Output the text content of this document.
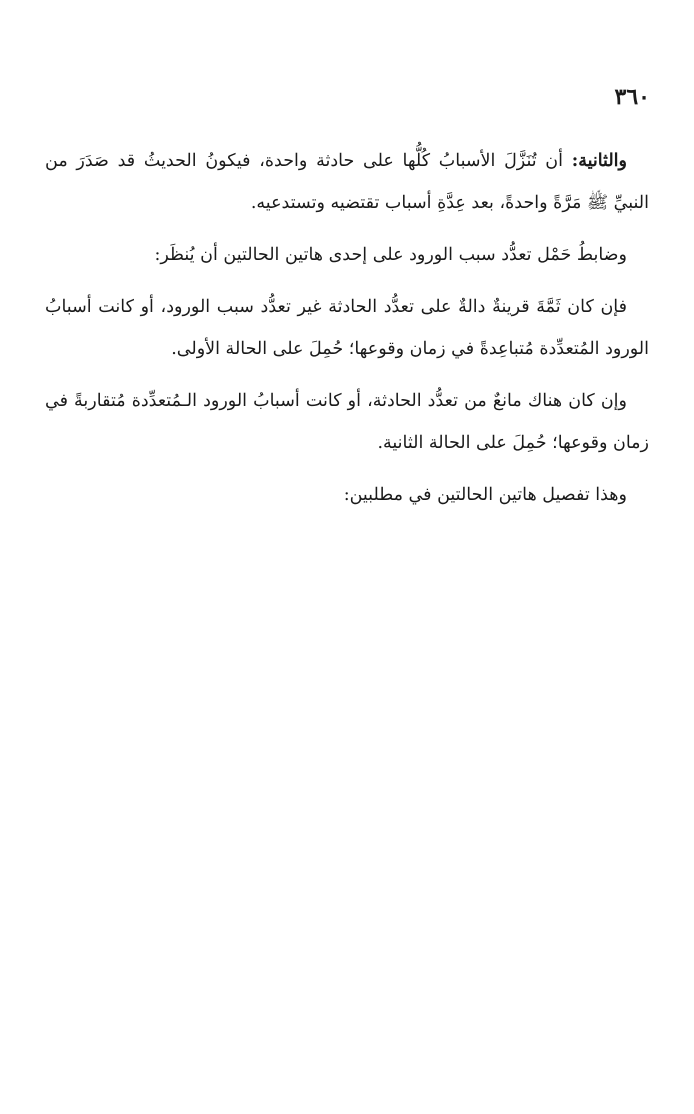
٣٦٠

والثانية: أن تُنَزَّلَ الأسبابُ كُلُّها على حادثة واحدة، فيكونُ الحديثُ قد صَدَرَ من النبيِّ ﷺ مَرَّةً واحدةً، بعد عِدَّةِ أسباب تقتضيه وتستدعيه.

وضابطُ حَمْل تعدُّد سبب الورود على إحدى هاتين الحالتين أن يُنظَر:

فإن كان ثَمَّةَ قرينةٌ دالةٌ على تعدُّد الحادثة غير تعدُّد سبب الورود، أو كانت أسبابُ الورود المُتعدِّدة مُتباعِدةً في زمان وقوعها؛ حُمِلَ على الحالة الأولى.

وإن كان هناك مانعٌ من تعدُّد الحادثة، أو كانت أسبابُ الورود الـمُتعدِّدة مُتقاربةً في زمان وقوعها؛ حُمِلَ على الحالة الثانية.

وهذا تفصيل هاتين الحالتين في مطلبين:
